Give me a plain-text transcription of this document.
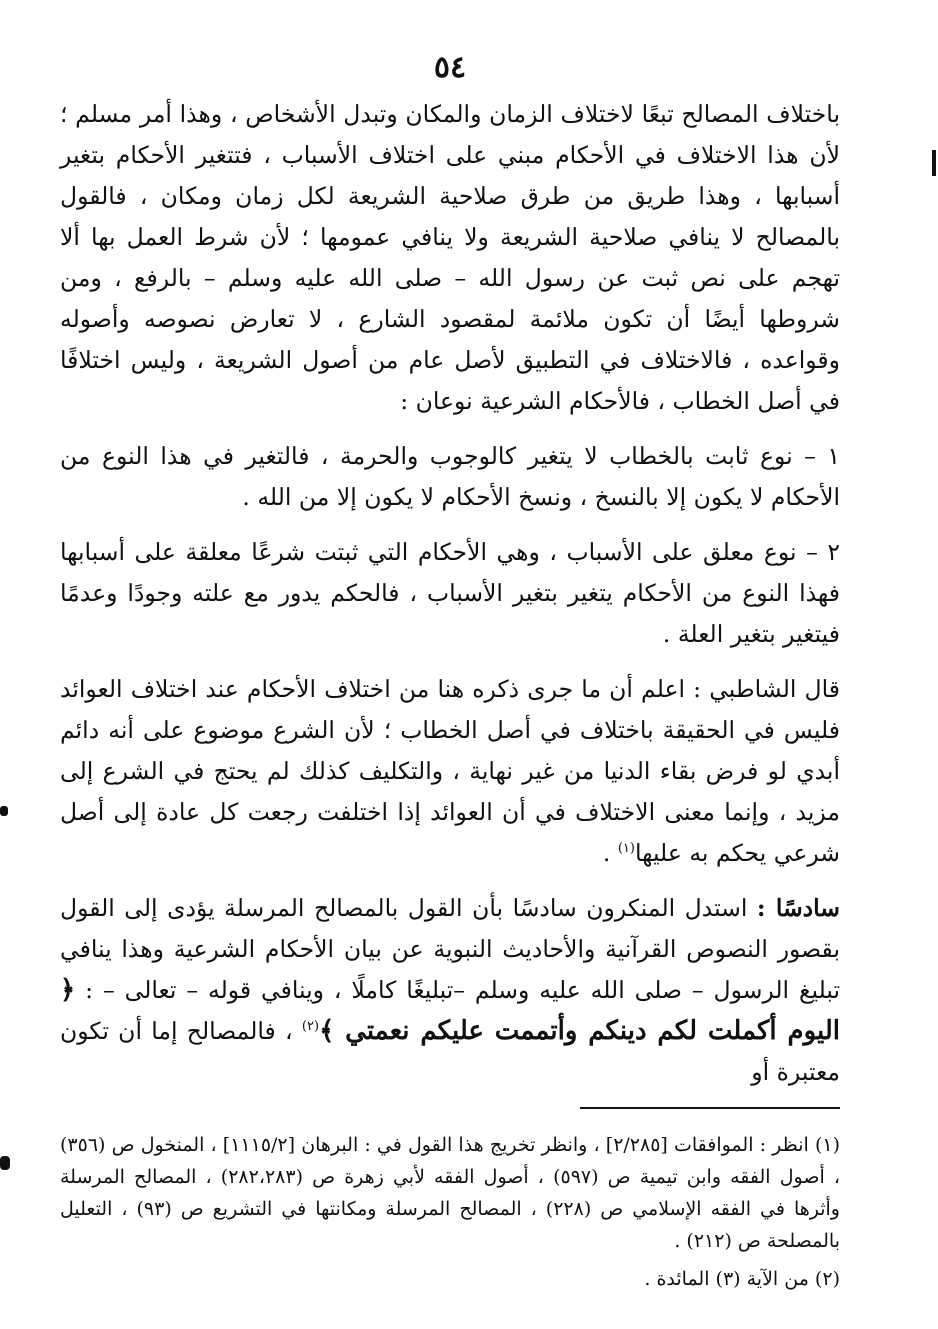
٥٤

باختلاف المصالح تبعًا لاختلاف الزمان والمكان وتبدل الأشخاص ، وهذا أمر مسلم ؛ لأن هذا الاختلاف في الأحكام مبني على اختلاف الأسباب ، فتتغير الأحكام بتغير أسبابها ، وهذا طريق من طرق صلاحية الشريعة لكل زمان ومكان ، فالقول بالمصالح لا ينافي صلاحية الشريعة ولا ينافي عمومها ؛ لأن شرط العمل بها ألا تهجم على نص ثبت عن رسول الله – صلى الله عليه وسلم – بالرفع ، ومن شروطها أيضًا أن تكون ملائمة لمقصود الشارع ، لا تعارض نصوصه وأصوله وقواعده ، فالاختلاف في التطبيق لأصل عام من أصول الشريعة ، وليس اختلافًا في أصل الخطاب ، فالأحكام الشرعية نوعان :

١ – نوع ثابت بالخطاب لا يتغير كالوجوب والحرمة ، فالتغير في هذا النوع من الأحكام لا يكون إلا بالنسخ ، ونسخ الأحكام لا يكون إلا من الله .

٢ – نوع معلق على الأسباب ، وهي الأحكام التي ثبتت شرعًا معلقة على أسبابها فهذا النوع من الأحكام يتغير بتغير الأسباب ، فالحكم يدور مع علته وجودًا وعدمًا فيتغير بتغير العلة .

قال الشاطبي : اعلم أن ما جرى ذكره هنا من اختلاف الأحكام عند اختلاف العوائد فليس في الحقيقة باختلاف في أصل الخطاب ؛ لأن الشرع موضوع على أنه دائم أبدي لو فرض بقاء الدنيا من غير نهاية ، والتكليف كذلك لم يحتج في الشرع إلى مزيد ، وإنما معنى الاختلاف في أن العوائد إذا اختلفت رجعت كل عادة إلى أصل شرعي يحكم به عليها$^{(١)}$ .

سادسًا : استدل المنكرون سادسًا بأن القول بالمصالح المرسلة يؤدى إلى القول بقصور النصوص القرآنية والأحاديث النبوية عن بيان الأحكام الشرعية وهذا ينافي تبليغ الرسول – صلى الله عليه وسلم –تبليغًا كاملًا ، وينافي قوله – تعالى – : ﴿ اليوم أكملت لكم دينكم وأتممت عليكم نعمتي ﴾$^{(٢)}$ ، فالمصالح إما أن تكون معتبرة أو

(١) انظر : الموافقات [٢/٢٨٥] ، وانظر تخريج هذا القول في : البرهان [١١١٥/٢] ، المنخول ص (٣٥٦) ، أصول الفقه وابن تيمية ص (٥٩٧) ، أصول الفقه لأبي زهرة ص (٢٨٢،٢٨٣) ، المصالح المرسلة وأثرها في الفقه الإسلامي ص (٢٢٨) ، المصالح المرسلة ومكانتها في التشريع ص (٩٣) ، التعليل بالمصلحة ص (٢١٢) .

(٢) من الآية (٣) المائدة .
